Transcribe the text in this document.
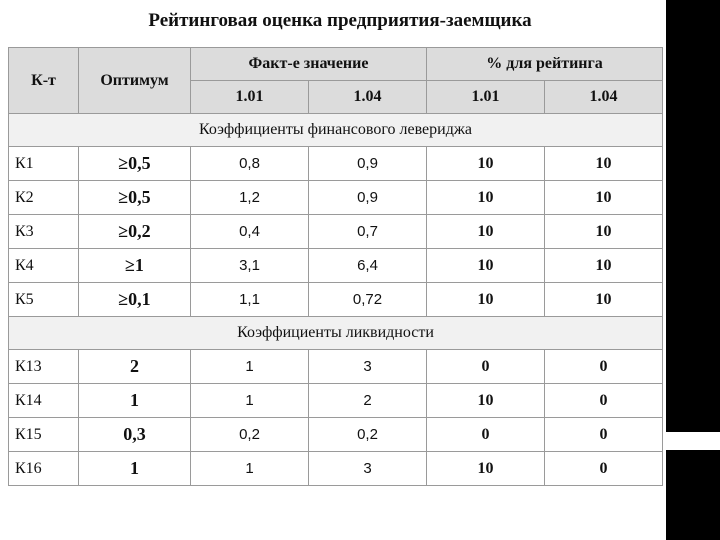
Рейтинговая оценка предприятия-заемщика
К-т	Оптимум	Факт-е значение		% для рейтинга	
		1.01	1.04	1.01	1.04
Коэффициенты финансового левериджа					
К1	≥0,5	0,8	0,9	10	10
К2	≥0,5	1,2	0,9	10	10
К3	≥0,2	0,4	0,7	10	10
К4	≥1	3,1	6,4	10	10
К5	≥0,1	1,1	0,72	10	10
Коэффициенты ликвидности					
К13	2	1	3	0	0
К14	1	1	2	10	0
К15	0,3	0,2	0,2	0	0
К16	1	1	3	10	0
